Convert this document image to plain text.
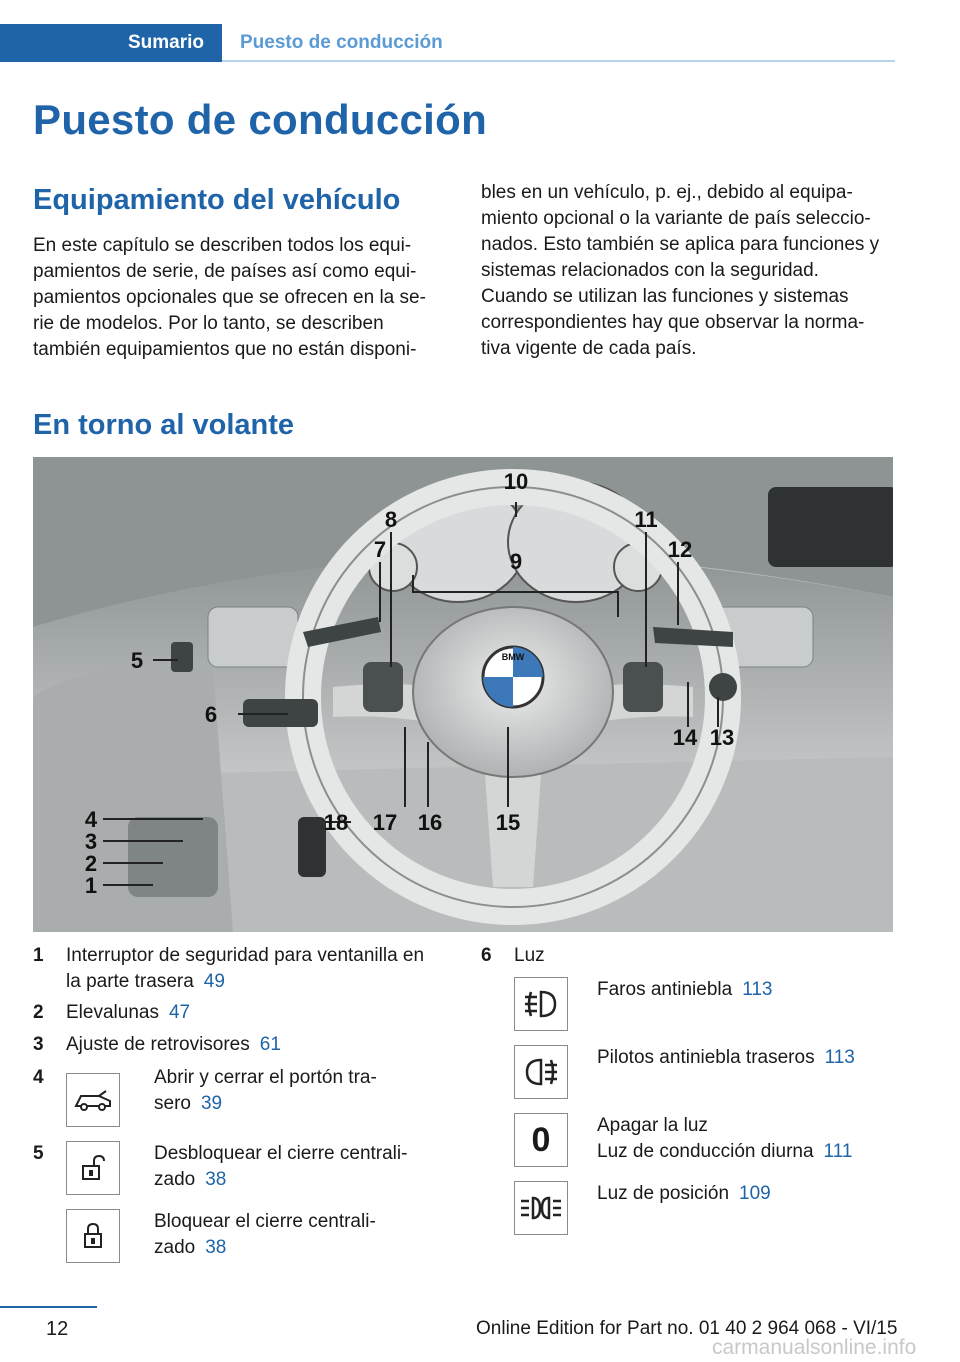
Sumario Puesto de conducción
Puesto de conducción
Equipamiento del vehículo
En este capítulo se describen todos los equi-
pamientos de serie, de países así como equi-
pamientos opcionales que se ofrecen en la se-
rie de modelos. Por lo tanto, se describen
también equipamientos que no están disponi-
bles en un vehículo, p. ej., debido al equipa-
miento opcional o la variante de país seleccio-
nados. Esto también se aplica para funciones y
sistemas relacionados con la seguridad.
Cuando se utilizan las funciones y sistemas
correspondientes hay que observar la norma-
tiva vigente de cada país.
En torno al volante
BMW
10
7
8
9
11
12
5
6
13
14
15
16
17
18
4
3
2
1
1	Interruptor de seguridad para ventanilla en
la parte trasera 49
2	Elevalunas 47
3	Ajuste de retrovisores 61
4	Abrir y cerrar el portón tra-
sero 39
5	Desbloquear el cierre centrali-
zado 38
Bloquear el cierre centrali-
zado 38
6	Luz
Faros antiniebla 113
Pilotos antiniebla traseros 113
0 Apagar la luz
Luz de conducción diurna 111
Luz de posición 109
12	Online Edition for Part no. 01 40 2 964 068 - VI/15
carmanualsonline.info
